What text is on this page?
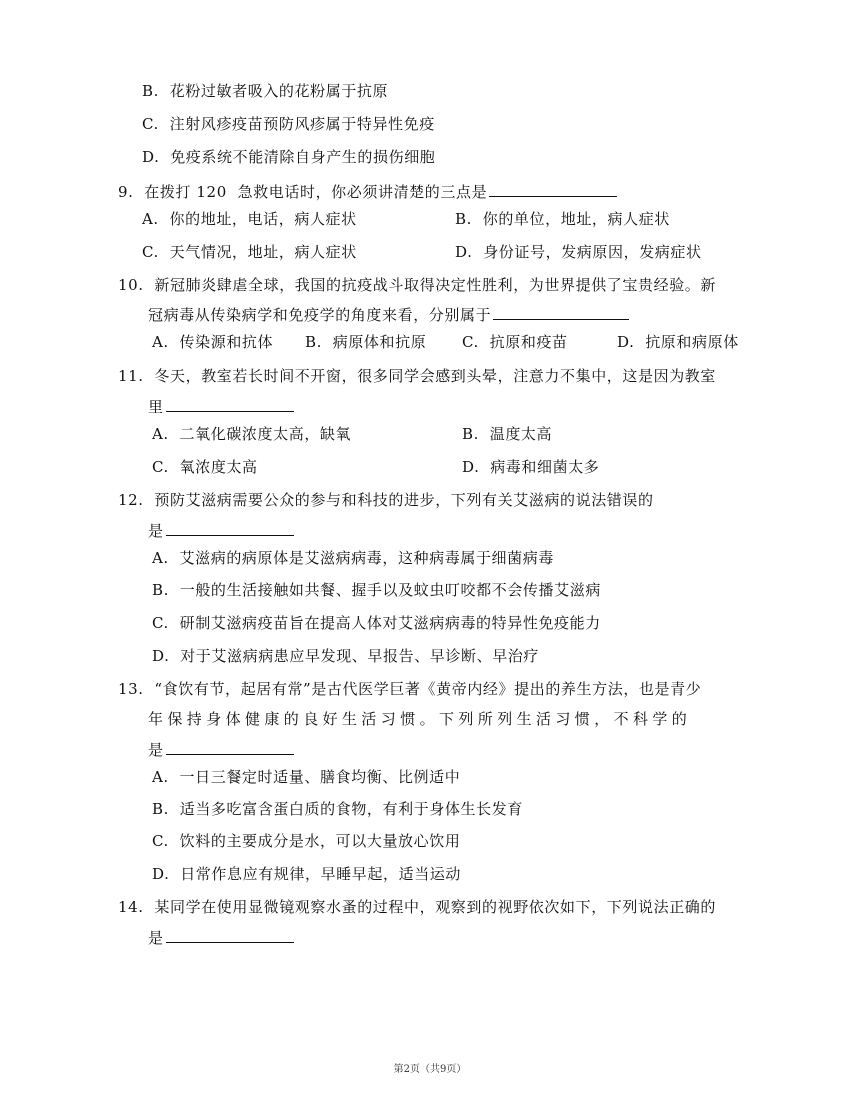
B.  花粉过敏者吸入的花粉属于抗原
C.  注射风疹疫苗预防风疹属于特异性免疫
D.  免疫系统不能清除自身产生的损伤细胞
9.  在拨打 120  急救电话时，你必须讲清楚的三点是
A.  你的地址，电话，病人症状	B.  你的单位，地址，病人症状
C.  天气情况，地址，病人症状	D.  身份证号，发病原因，发病症状
10.  新冠肺炎肆虐全球，我国的抗疫战斗取得决定性胜利，为世界提供了宝贵经验。新
冠病毒从传染病学和免疫学的角度来看，分别属于
A.  传染源和抗体 B.  病原体和抗原 C.  抗原和疫苗	D.  抗原和病原体
11.  冬天，教室若长时间不开窗，很多同学会感到头晕，注意力不集中，这是因为教室
里
A.  二氧化碳浓度太高，缺氧	B.  温度太高
C.  氧浓度太高	D.  病毒和细菌太多
12.  预防艾滋病需要公众的参与和科技的进步，下列有关艾滋病的说法错误的
是
A.  艾滋病的病原体是艾滋病病毒，这种病毒属于细菌病毒
B.  一般的生活接触如共餐、握手以及蚊虫叮咬都不会传播艾滋病
C.  研制艾滋病疫苗旨在提高人体对艾滋病病毒的特异性免疫能力
D.  对于艾滋病病患应早发现、早报告、早诊断、早治疗
13.  “食饮有节，起居有常”是古代医学巨著《黄帝内经》提出的养生方法，也是青少
年保持身体健康的良好生活习惯。下列所列生活习惯，不科学的
是
A.  一日三餐定时适量、膳食均衡、比例适中
B.  适当多吃富含蛋白质的食物，有利于身体生长发育
C.  饮料的主要成分是水，可以大量放心饮用
D.  日常作息应有规律，早睡早起，适当运动
14.  某同学在使用显微镜观察水蚤的过程中，观察到的视野依次如下，下列说法正确的
是
第2页（共9页）
